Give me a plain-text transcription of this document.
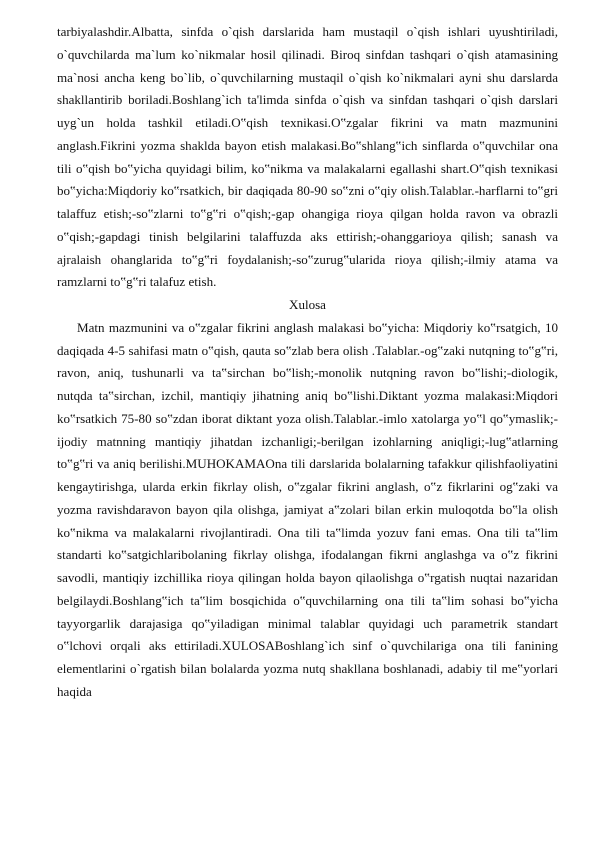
tarbiyalashdir.Albatta, sinfda o`qish darslarida ham mustaqil o`qish ishlari uyushtiriladi, o`quvchilarda ma`lum ko`nikmalar hosil qilinadi. Biroq sinfdan tashqari o`qish atamasining ma`nosi ancha keng bo`lib, o`quvchilarning mustaqil o`qish ko`nikmalari ayni shu darslarda shakllantirib boriladi.Boshlang`ich ta'limda sinfda o`qish va sinfdan tashqari o`qish darslari uyg`un holda tashkil etiladi.O‟qish texnikasi.O‟zgalar fikrini va matn mazmunini anglash.Fikrini yozma shaklda bayon etish malakasi.Bo‟shlang‟ich sinflarda o‟quvchilar ona tili o‟qish bo‟yicha quyidagi bilim, ko‟nikma va malakalarni egallashi shart.O‟qish texnikasi bo‟yicha:Miqdoriy ko‟rsatkich, bir daqiqada 80-90 so‟zni o‟qiy olish.Talablar.-harflarni to‟gri talaffuz etish;-so‟zlarni to‟g‟ri o‟qish;-gap ohangiga rioya qilgan holda ravon va obrazli o‟qish;-gapdagi tinish belgilarini talaffuzda aks ettirish;-ohanggarioya qilish; sanash va ajralaish ohanglarida to‟g‟ri foydalanish;-so‟zurug‟ularida rioya qilish;-ilmiy atama va ramzlarni to‟g‟ri talafuz etish.

Xulosa

Matn mazmunini va o‟zgalar fikrini anglash malakasi bo‟yicha: Miqdoriy ko‟rsatgich, 10 daqiqada 4-5 sahifasi matn o‟qish, qauta so‟zlab bera olish .Talablar.-og‟zaki nutqning to‟g‟ri, ravon, aniq, tushunarli va ta‟sirchan bo‟lish;-monolik nutqning ravon bo‟lishi;-diologik, nutqda ta‟sirchan, izchil, mantiqiy jihatning aniq bo‟lishi.Diktant yozma malakasi:Miqdori ko‟rsatkich 75-80 so‟zdan iborat diktant yoza olish.Talablar.-imlo xatolarga yo‟l qo‟ymaslik;-ijodiy matnning mantiqiy jihatdan izchanligi;-berilgan izohlarning aniqligi;-lug‟atlarning to‟g‟ri va aniq berilishi.MUHOKAMAOna tili darslarida bolalarning tafakkur qilishfaoliyatini kengaytirishga, ularda erkin fikrlay olish, o‟zgalar fikrini anglash, o‟z fikrlarini og‟zaki va yozma ravishdaravon bayon qila olishga, jamiyat a‟zolari bilan erkin muloqotda bo‟la olish ko‟nikma va malakalarni rivojlantiradi. Ona tili ta‟limda yozuv fani emas. Ona tili ta‟lim standarti ko‟satgichlaribolaning fikrlay olishga, ifodalangan fikrni anglashga va o‟z fikrini savodli, mantiqiy izchillika rioya qilingan holda bayon qilaolishga o‟rgatish nuqtai nazaridan belgilaydi.Boshlang‟ich ta‟lim bosqichida o‟quvchilarning ona tili ta‟lim sohasi bo‟yicha tayyorgarlik darajasiga qo‟yiladigan minimal talablar quyidagi uch parametrik standart o‟lchovi orqali aks ettiriladi.XULOSABoshlang`ich sinf o`quvchilariga ona tili fanining elementlarini o`rgatish bilan bolalarda yozma nutq shakllana boshlanadi, adabiy til me‟yorlari haqida
